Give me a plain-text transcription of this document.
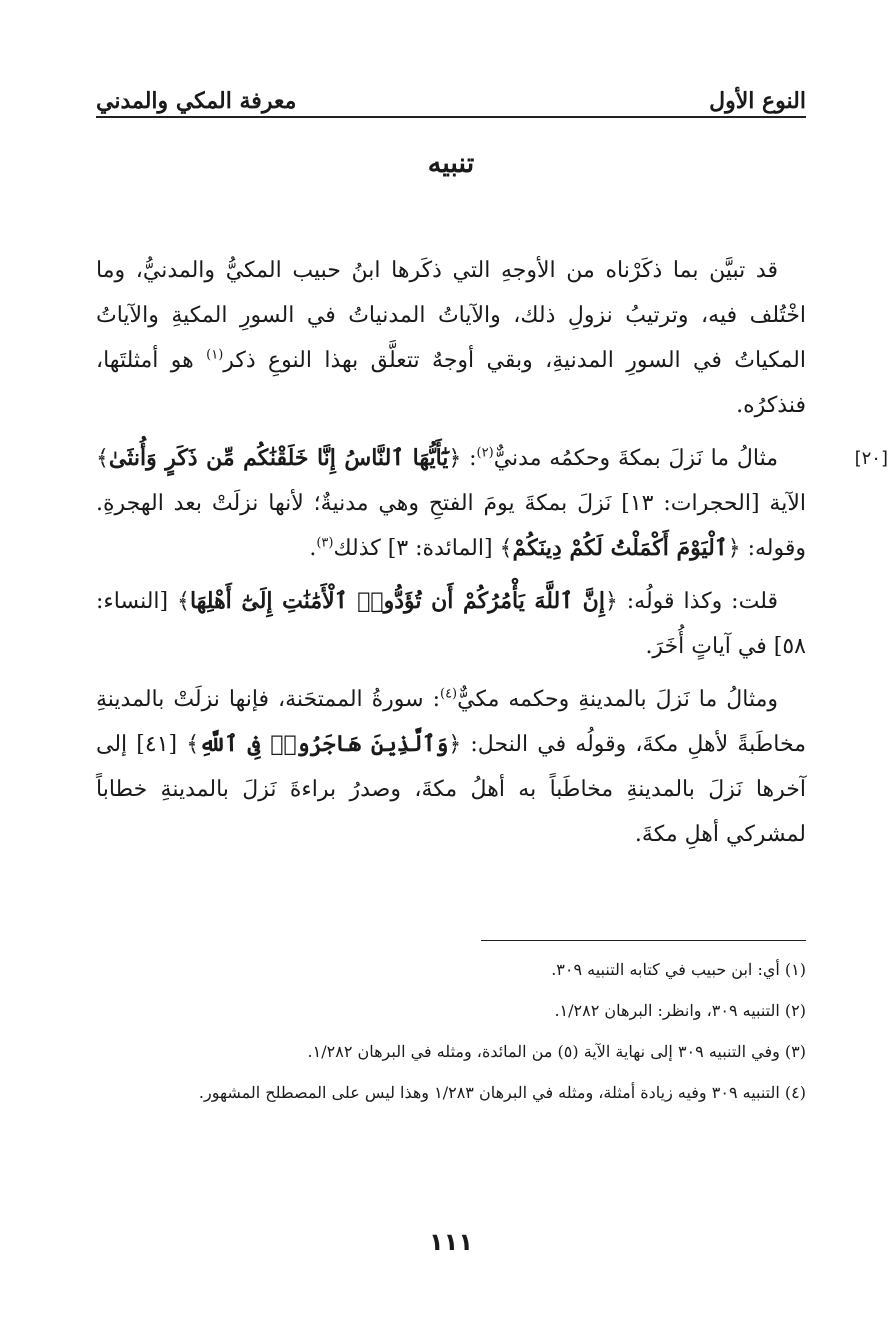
النوع الأول
معرفة المكي والمدني
تنبيه

قد تبيَّن بما ذكَرْناه من الأوجهِ التي ذكَرها ابنُ حبيب المكيُّ والمدنيُّ، وما اخْتُلف فيه، وترتيبُ نزولِ ذلك، والآياتُ المدنياتُ في السورِ المكيةِ والآياتُ المكياتُ في السورِ المدنيةِ، وبقي أوجهٌ تتعلَّق بهذا النوعِ ذكر$^{(١)}$ هو أمثلتَها، فنذكرُه.

[٢٠]
مثالُ ما نَزلَ بمكةَ وحكمُه مدنيٌّ$^{(٢)}$: ﴿يَٰٓأَيُّهَا ٱلنَّاسُ إِنَّا خَلَقْنَٰكُم مِّن ذَكَرٍ وَأُنثَىٰ﴾ الآية [الحجرات: ١٣] نَزلَ بمكةَ يومَ الفتحِ وهي مدنيةٌ؛ لأنها نزلَتْ بعد الهجرةِ. وقوله: ﴿ٱلْيَوْمَ أَكْمَلْتُ لَكُمْ دِينَكُمْ﴾ [المائدة: ٣] كذلك$^{(٣)}$.

قلت: وكذا قولُه: ﴿إِنَّ ٱللَّهَ يَأْمُرُكُمْ أَن تُؤَدُّوا۟ ٱلْأَمَٰنَٰتِ إِلَىٰٓ أَهْلِهَا﴾ [النساء: ٥٨] في آياتٍ أُخَرَ.

ومثالُ ما نَزلَ بالمدينةِ وحكمه مكيٌّ$^{(٤)}$: سورةُ الممتحَنة، فإنها نزلَتْ بالمدينةِ مخاطَبةً لأهلِ مكةَ، وقولُه في النحل: ﴿وَٱلَّذِينَ هَاجَرُوا۟ فِى ٱللَّهِ﴾ [٤١] إلى آخرها نَزلَ بالمدينةِ مخاطَباً به أهلُ مكةَ، وصدرُ براءةَ نَزلَ بالمدينةِ خطاباً لمشركي أهلِ مكةَ.

(١) أي: ابن حبيب في كتابه التنبيه ٣٠٩.
(٢) التنبيه ٣٠٩، وانظر: البرهان ١/٢٨٢.
(٣) وفي التنبيه ٣٠٩ إلى نهاية الآية (٥) من المائدة، ومثله في البرهان ١/٢٨٢.
(٤) التنبيه ٣٠٩ وفيه زيادة أمثلة، ومثله في البرهان ١/٢٨٣ وهذا ليس على المصطلح المشهور.
١١١
